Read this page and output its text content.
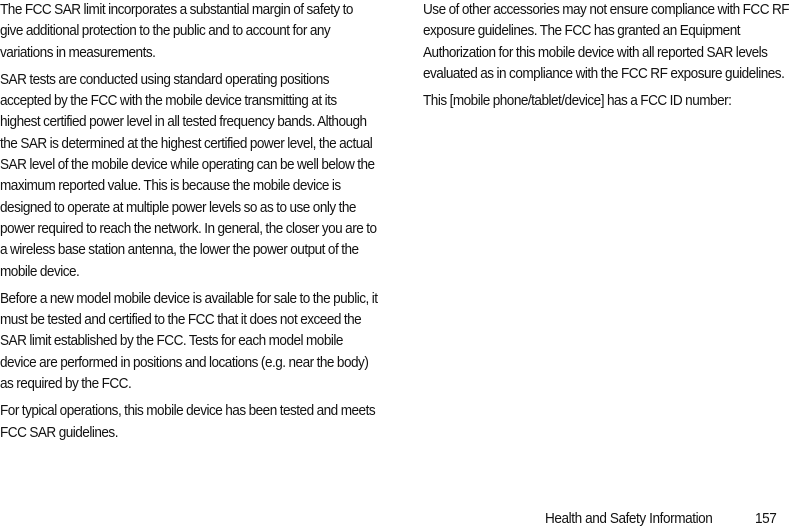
The FCC SAR limit incorporates a substantial margin of safety to give additional protection to the public and to account for any variations in measurements.

SAR tests are conducted using standard operating positions accepted by the FCC with the mobile device transmitting at its highest certified power level in all tested frequency bands. Although the SAR is determined at the highest certified power level, the actual SAR level of the mobile device while operating can be well below the maximum reported value. This is because the mobile device is designed to operate at multiple power levels so as to use only the power required to reach the network. In general, the closer you are to a wireless base station antenna, the lower the power output of the mobile device.

Before a new model mobile device is available for sale to the public, it must be tested and certified to the FCC that it does not exceed the SAR limit established by the FCC. Tests for each model mobile device are performed in positions and locations (e.g. near the body) as required by the FCC.

For typical operations, this mobile device has been tested and meets FCC SAR guidelines.

Use of other accessories may not ensure compliance with FCC RF exposure guidelines. The FCC has granted an Equipment Authorization for this mobile device with all reported SAR levels evaluated as in compliance with the FCC RF exposure guidelines.

This [mobile phone/tablet/device] has a FCC ID number:

Health and Safety Information	157
